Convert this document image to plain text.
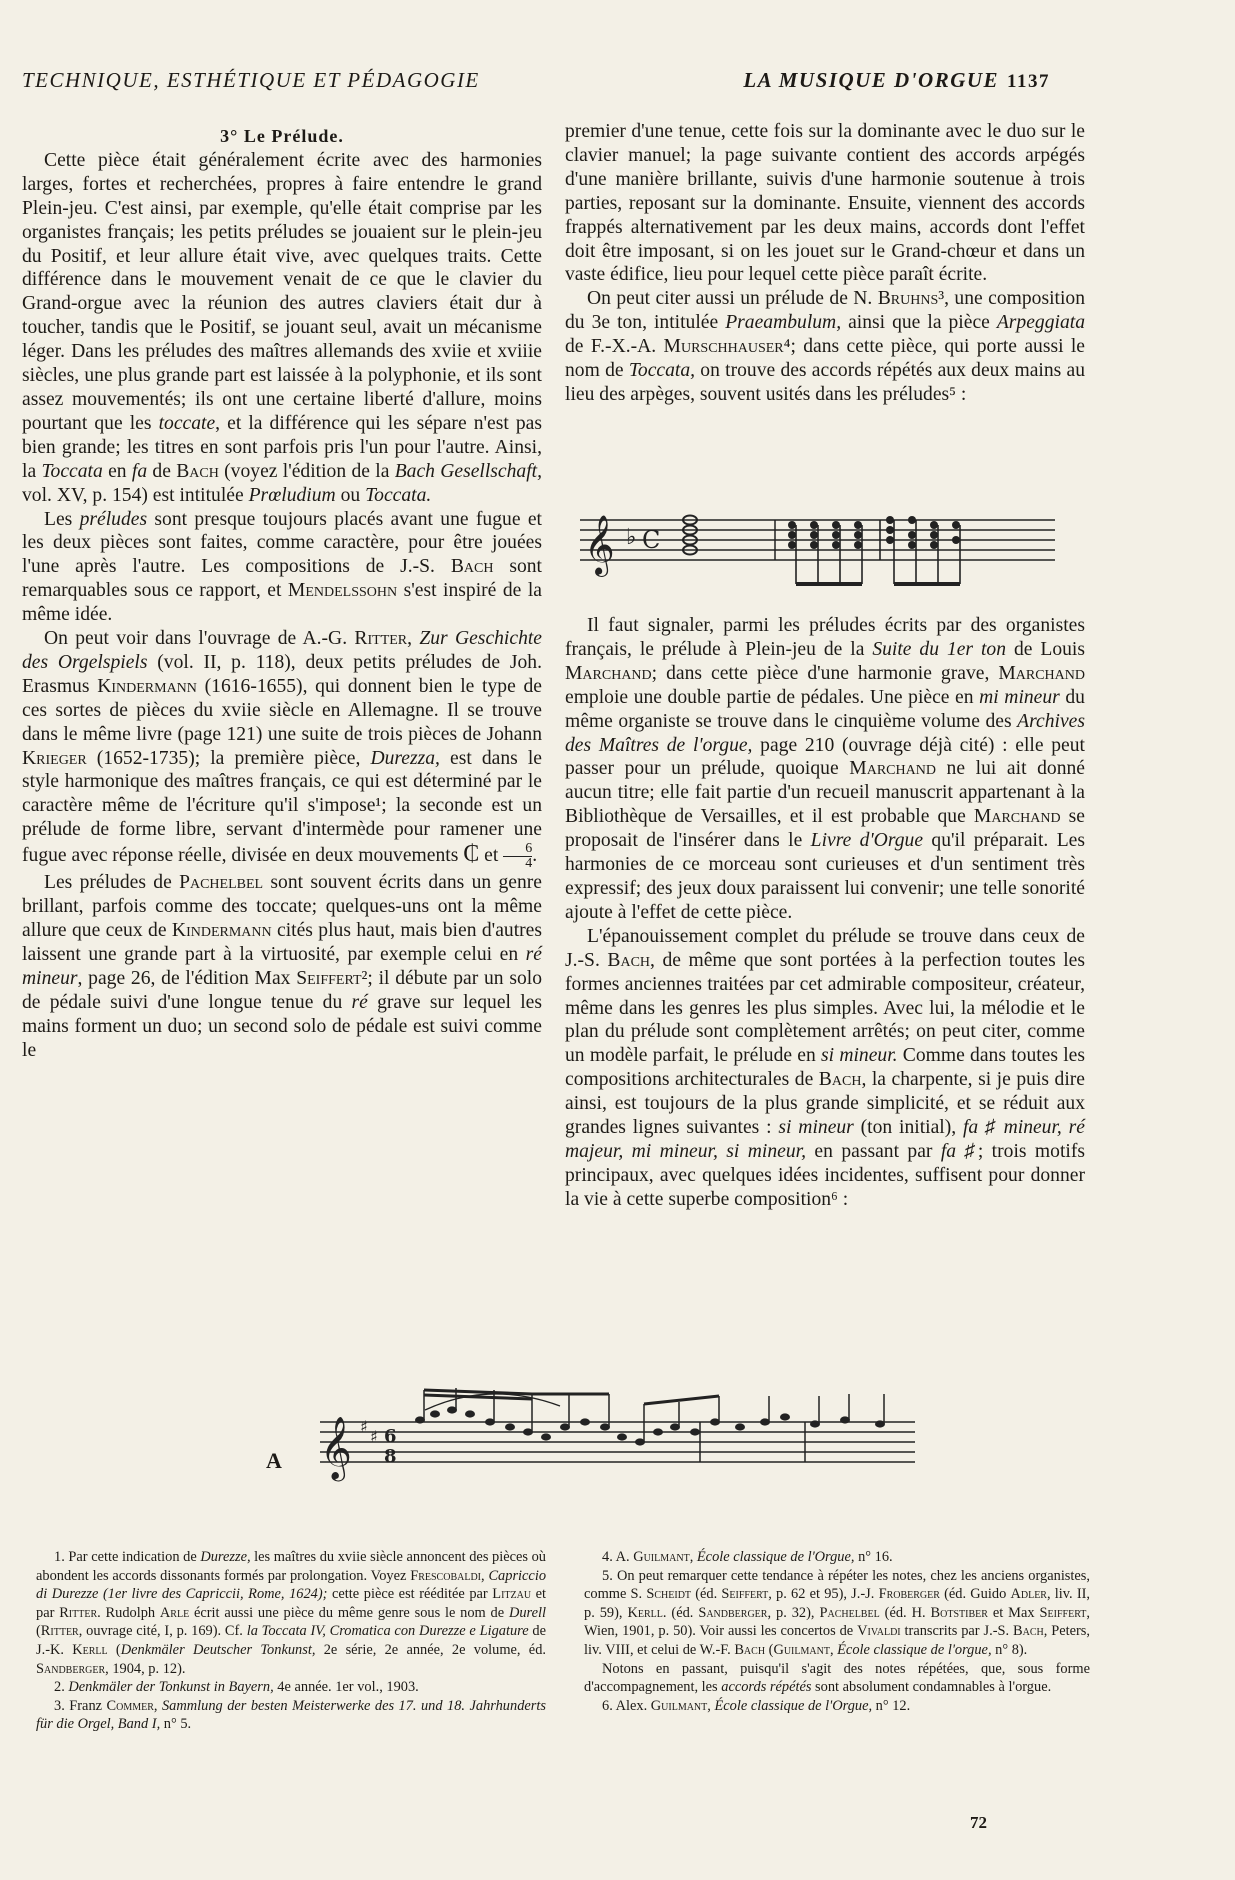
TECHNIQUE, ESTHÉTIQUE ET PÉDAGOGIE	LA MUSIQUE D'ORGUE 1137

3° Le Prélude.

Cette pièce était généralement écrite avec des harmonies larges, fortes et recherchées, propres à faire entendre le grand Plein-jeu. C'est ainsi, par exemple, qu'elle était comprise par les organistes français; les petits préludes se jouaient sur le plein-jeu du Positif, et leur allure était vive, avec quelques traits. Cette différence dans le mouvement venait de ce que le clavier du Grand-orgue avec la réunion des autres claviers était dur à toucher, tandis que le Positif, se jouant seul, avait un mécanisme léger. Dans les préludes des maîtres allemands des xviie et xviiie siècles, une plus grande part est laissée à la polyphonie, et ils sont assez mouvementés; ils ont une certaine liberté d'allure, moins pourtant que les toccate, et la différence qui les sépare n'est pas bien grande; les titres en sont parfois pris l'un pour l'autre. Ainsi, la Toccata en fa de Bach (voyez l'édition de la Bach Gesellschaft, vol. XV, p. 154) est intitulée Prœludium ou Toccata.

Les préludes sont presque toujours placés avant une fugue et les deux pièces sont faites, comme caractère, pour être jouées l'une après l'autre. Les compositions de J.-S. Bach sont remarquables sous ce rapport, et Mendelssohn s'est inspiré de la même idée.

On peut voir dans l'ouvrage de A.-G. Ritter, Zur Geschichte des Orgelspiels (vol. II, p. 118), deux petits préludes de Joh. Erasmus Kindermann (1616-1655), qui donnent bien le type de ces sortes de pièces du xviie siècle en Allemagne. Il se trouve dans le même livre (page 121) une suite de trois pièces de Johann Krieger (1652-1735); la première pièce, Durezza, est dans le style harmonique des maîtres français, ce qui est déterminé par le caractère même de l'écriture qu'il s'impose¹; la seconde est un prélude de forme libre, servant d'intermède pour ramener une fugue avec réponse réelle, divisée en deux mouvements ₵ et $\frac{6}{4}$ .

Les préludes de Pachelbel sont souvent écrits dans un genre brillant, parfois comme des toccate; quelques-uns ont la même allure que ceux de Kindermann cités plus haut, mais bien d'autres laissent une grande part à la virtuosité, par exemple celui en ré mineur, page 26, de l'édition Max Seiffert²; il débute par un solo de pédale suivi d'une longue tenue du ré grave sur lequel les mains forment un duo; un second solo de pédale est suivi comme le

premier d'une tenue, cette fois sur la dominante avec le duo sur le clavier manuel; la page suivante contient des accords arpégés d'une manière brillante, suivis d'une harmonie soutenue à trois parties, reposant sur la dominante. Ensuite, viennent des accords frappés alternativement par les deux mains, accords dont l'effet doit être imposant, si on les jouet sur le Grand-chœur et dans un vaste édifice, lieu pour lequel cette pièce paraît écrite.

On peut citer aussi un prélude de N. Bruhns³, une composition du 3e ton, intitulée Praeambulum, ainsi que la pièce Arpeggiata de F.-X.-A. Murschhauser⁴; dans cette pièce, qui porte aussi le nom de Toccata, on trouve des accords répétés aux deux mains au lieu des arpèges, souvent usités dans les préludes⁵ :

𝄞 ♭ C

Il faut signaler, parmi les préludes écrits par des organistes français, le prélude à Plein-jeu de la Suite du 1er ton de Louis Marchand; dans cette pièce d'une harmonie grave, Marchand emploie une double partie de pédales. Une pièce en mi mineur du même organiste se trouve dans le cinquième volume des Archives des Maîtres de l'orgue, page 210 (ouvrage déjà cité) : elle peut passer pour un prélude, quoique Marchand ne lui ait donné aucun titre; elle fait partie d'un recueil manuscrit appartenant à la Bibliothèque de Versailles, et il est probable que Marchand se proposait de l'insérer dans le Livre d'Orgue qu'il préparait. Les harmonies de ce morceau sont curieuses et d'un sentiment très expressif; des jeux doux paraissent lui convenir; une telle sonorité ajoute à l'effet de cette pièce.

L'épanouissement complet du prélude se trouve dans ceux de J.-S. Bach, de même que sont portées à la perfection toutes les formes anciennes traitées par cet admirable compositeur, créateur, même dans les genres les plus simples. Avec lui, la mélodie et le plan du prélude sont complètement arrêtés; on peut citer, comme un modèle parfait, le prélude en si mineur. Comme dans toutes les compositions architecturales de Bach, la charpente, si je puis dire ainsi, est toujours de la plus grande simplicité, et se réduit aux grandes lignes suivantes : si mineur (ton initial), fa ♯ mineur, ré majeur, mi mineur, si mineur, en passant par fa ♯; trois motifs principaux, avec quelques idées incidentes, suffisent pour donner la vie à cette superbe composition⁶ :

A 𝄞 ♯
♯ 6
8

1. Par cette indication de Durezze, les maîtres du xviie siècle annoncent des pièces où abondent les accords dissonants formés par prolongation. Voyez Frescobaldi, Capriccio di Durezze (1er livre des Capriccii, Rome, 1624); cette pièce est rééditée par Litzau et par Ritter. Rudolph Arle écrit aussi une pièce du même genre sous le nom de Durell (Ritter, ouvrage cité, I, p. 169). Cf. la Toccata IV, Cromatica con Durezze e Ligature de J.-K. Kerll (Denkmäler Deutscher Tonkunst, 2e série, 2e année, 2e volume, éd. Sandberger, 1904, p. 12).

2. Denkmäler der Tonkunst in Bayern, 4e année. 1er vol., 1903.

3. Franz Commer, Sammlung der besten Meisterwerke des 17. und 18. Jahrhunderts für die Orgel, Band I, n° 5.

4. A. Guilmant, École classique de l'Orgue, n° 16.

5. On peut remarquer cette tendance à répéter les notes, chez les anciens organistes, comme S. Scheidt (éd. Seiffert, p. 62 et 95), J.-J. Froberger (éd. Guido Adler, liv. II, p. 59), Kerll. (éd. Sandberger, p. 32), Pachelbel (éd. H. Botstiber et Max Seiffert, Wien, 1901, p. 50). Voir aussi les concertos de Vivaldi transcrits par J.-S. Bach, Peters, liv. VIII, et celui de W.-F. Bach (Guilmant, École classique de l'orgue, n° 8).

Notons en passant, puisqu'il s'agit des notes répétées, que, sous forme d'accompagnement, les accords répétés sont absolument condamnables à l'orgue.

6. Alex. Guilmant, École classique de l'Orgue, n° 12.

72
